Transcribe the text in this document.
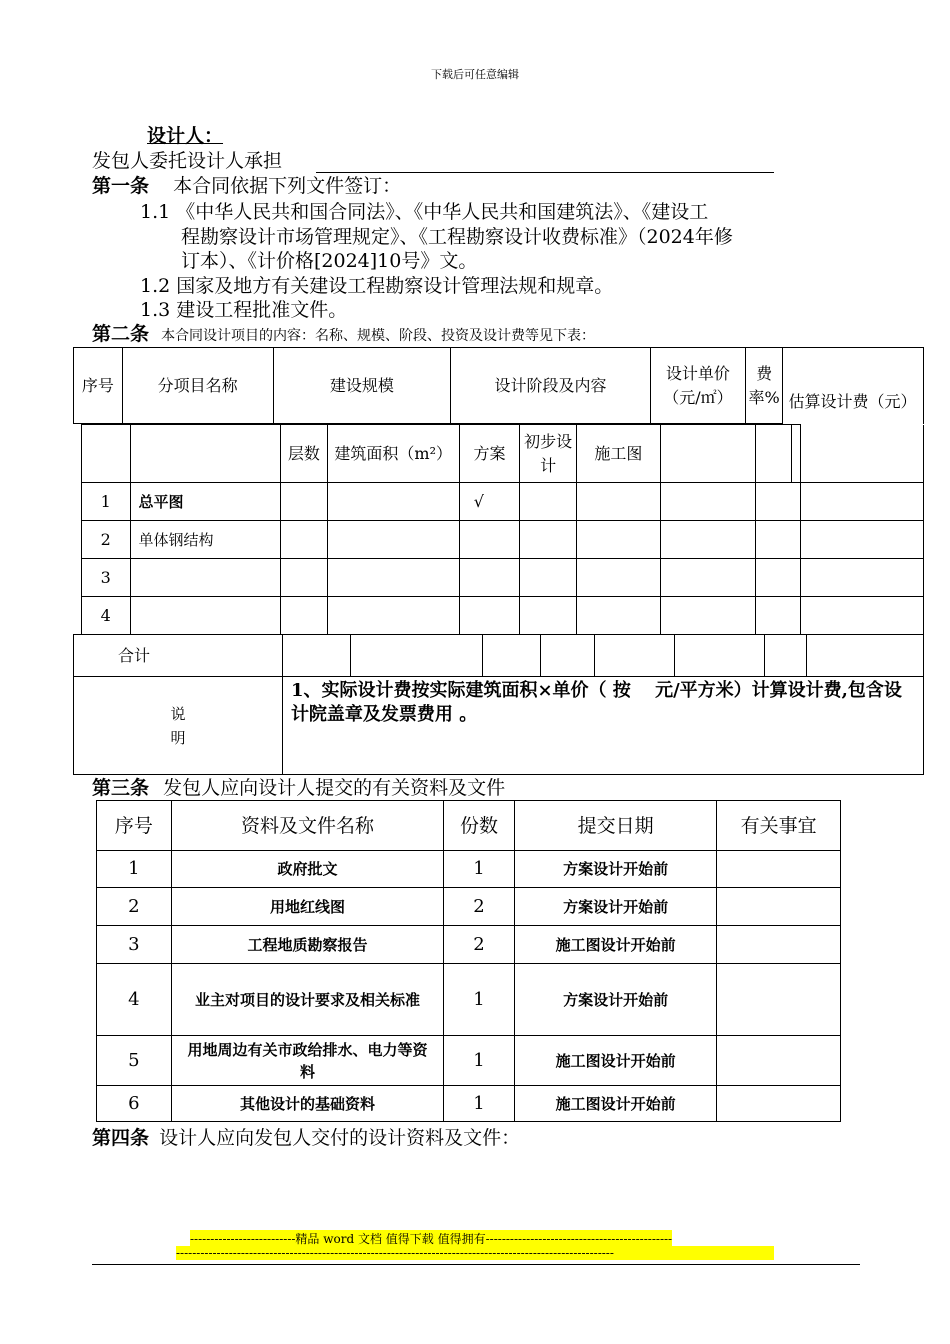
下载后可任意编辑
设计人：
发包人委托设计人承担
第一条 本合同依据下列文件签订：
1.1 《中华人民共和国合同法》、《中华人民共和国建筑法》、《建设工
程勘察设计市场管理规定》、《工程勘察设计收费标准》（2024年修
订本）、《计价格[2024]10号》文。
1.2 国家及地方有关建设工程勘察设计管理法规和规章。
1.3 建设工程批准文件。
第二条 本合同设计项目的内容：名称、规模、阶段、投资及设计费等见下表：
序号	分项目名称	建设规模	设计阶段及内容	设计单价（元/㎡）	费率%	估算设计费（元）
		层数	建筑面积（m²）	方案	初步设计	施工图				
1	总平图			√						
2	单体钢结构									
3										
4										
合计								

说明	1、实际设计费按实际建筑面积×单价（ 按　 元/平方米）计算设计费,包含设计院盖章及发票费用 。							
第三条 发包人应向设计人提交的有关资料及文件
序号	资料及文件名称	份数	提交日期	有关事宜
1	政府批文	1	方案设计开始前	
2	用地红线图	2	方案设计开始前	
3	工程地质勘察报告	2	施工图设计开始前	
4	业主对项目的设计要求及相关标准	1	方案设计开始前	
5	用地周边有关市政给排水、电力等资料	1	施工图设计开始前	
6	其他设计的基础资料	1	施工图设计开始前	
第四条 设计人应向发包人交付的设计资料及文件：
--------------------------精品 word 文档 值得下载 值得拥有----------------------------------------------
------------------------------------------------------------------------------------------------------------
